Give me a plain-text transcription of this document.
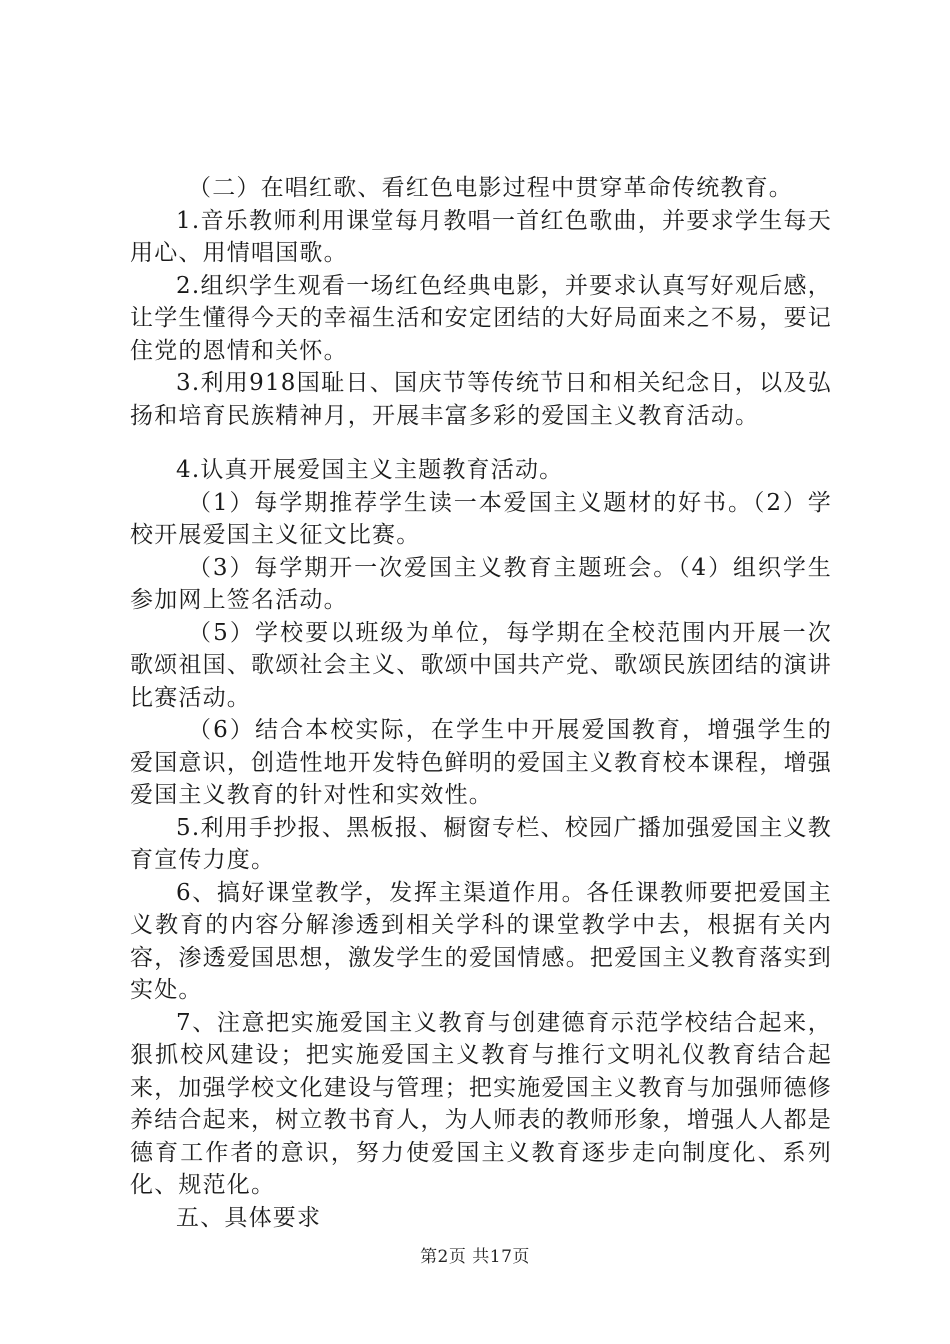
（二）在唱红歌、看红色电影过程中贯穿革命传统教育。

1.音乐教师利用课堂每月教唱一首红色歌曲，并要求学生每天用心、用情唱国歌。

2.组织学生观看一场红色经典电影，并要求认真写好观后感，让学生懂得今天的幸福生活和安定团结的大好局面来之不易，要记住党的恩情和关怀。

3.利用918国耻日、国庆节等传统节日和相关纪念日，以及弘扬和培育民族精神月，开展丰富多彩的爱国主义教育活动。

4.认真开展爱国主义主题教育活动。

（1）每学期推荐学生读一本爱国主义题材的好书。（2）学校开展爱国主义征文比赛。

（3）每学期开一次爱国主义教育主题班会。（4）组织学生参加网上签名活动。

（5）学校要以班级为单位，每学期在全校范围内开展一次歌颂祖国、歌颂社会主义、歌颂中国共产党、歌颂民族团结的演讲比赛活动。

（6）结合本校实际，在学生中开展爱国教育，增强学生的爱国意识，创造性地开发特色鲜明的爱国主义教育校本课程，增强爱国主义教育的针对性和实效性。

5.利用手抄报、黑板报、橱窗专栏、校园广播加强爱国主义教育宣传力度。

6、搞好课堂教学，发挥主渠道作用。各任课教师要把爱国主义教育的内容分解渗透到相关学科的课堂教学中去，根据有关内容，渗透爱国思想，激发学生的爱国情感。把爱国主义教育落实到实处。

7、注意把实施爱国主义教育与创建德育示范学校结合起来，狠抓校风建设；把实施爱国主义教育与推行文明礼仪教育结合起来，加强学校文化建设与管理；把实施爱国主义教育与加强师德修养结合起来，树立教书育人，为人师表的教师形象，增强人人都是德育工作者的意识，努力使爱国主义教育逐步走向制度化、系列化、规范化。

五、具体要求

第2页 共17页
